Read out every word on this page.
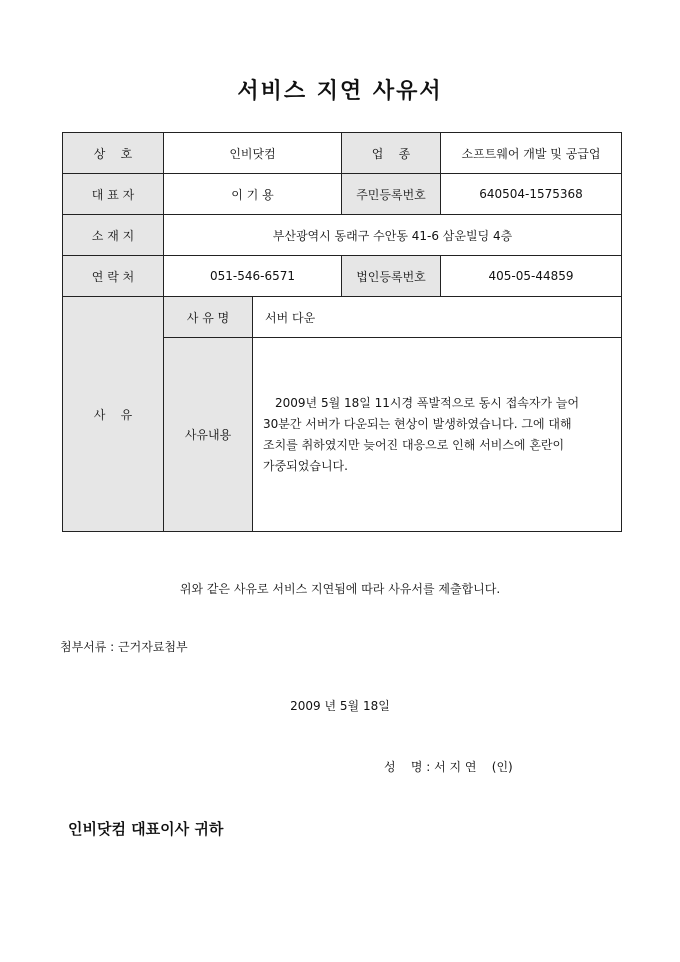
서비스 지연 사유서
상    호	인비닷컴		업    종	소프트웨어 개발 및 공급업
대 표 자	이 기 용		주민등록번호	640504-1575368
소 재 지	부산광역시 동래구 수안동 41-6 삼운빌딩 4층			
연 락 처	051-546-6571		법인등록번호	405-05-44859
사    유	사 유 명	서버 다운		
	사유내용	2009년 5월 18일 11시경 폭발적으로 동시 접속자가 늘어 30분간 서버가 다운되는 현상이 발생하였습니다. 그에 대해 조치를 취하였지만 늦어진 대응으로 인해 서비스에 혼란이 가중되었습니다.		
위와 같은 사유로 서비스 지연됨에 따라 사유서를 제출합니다.
첨부서류 : 근거자료첨부
2009 년 5월 18일
성    명 : 서 지 연    (인)
인비닷컴 대표이사 귀하
